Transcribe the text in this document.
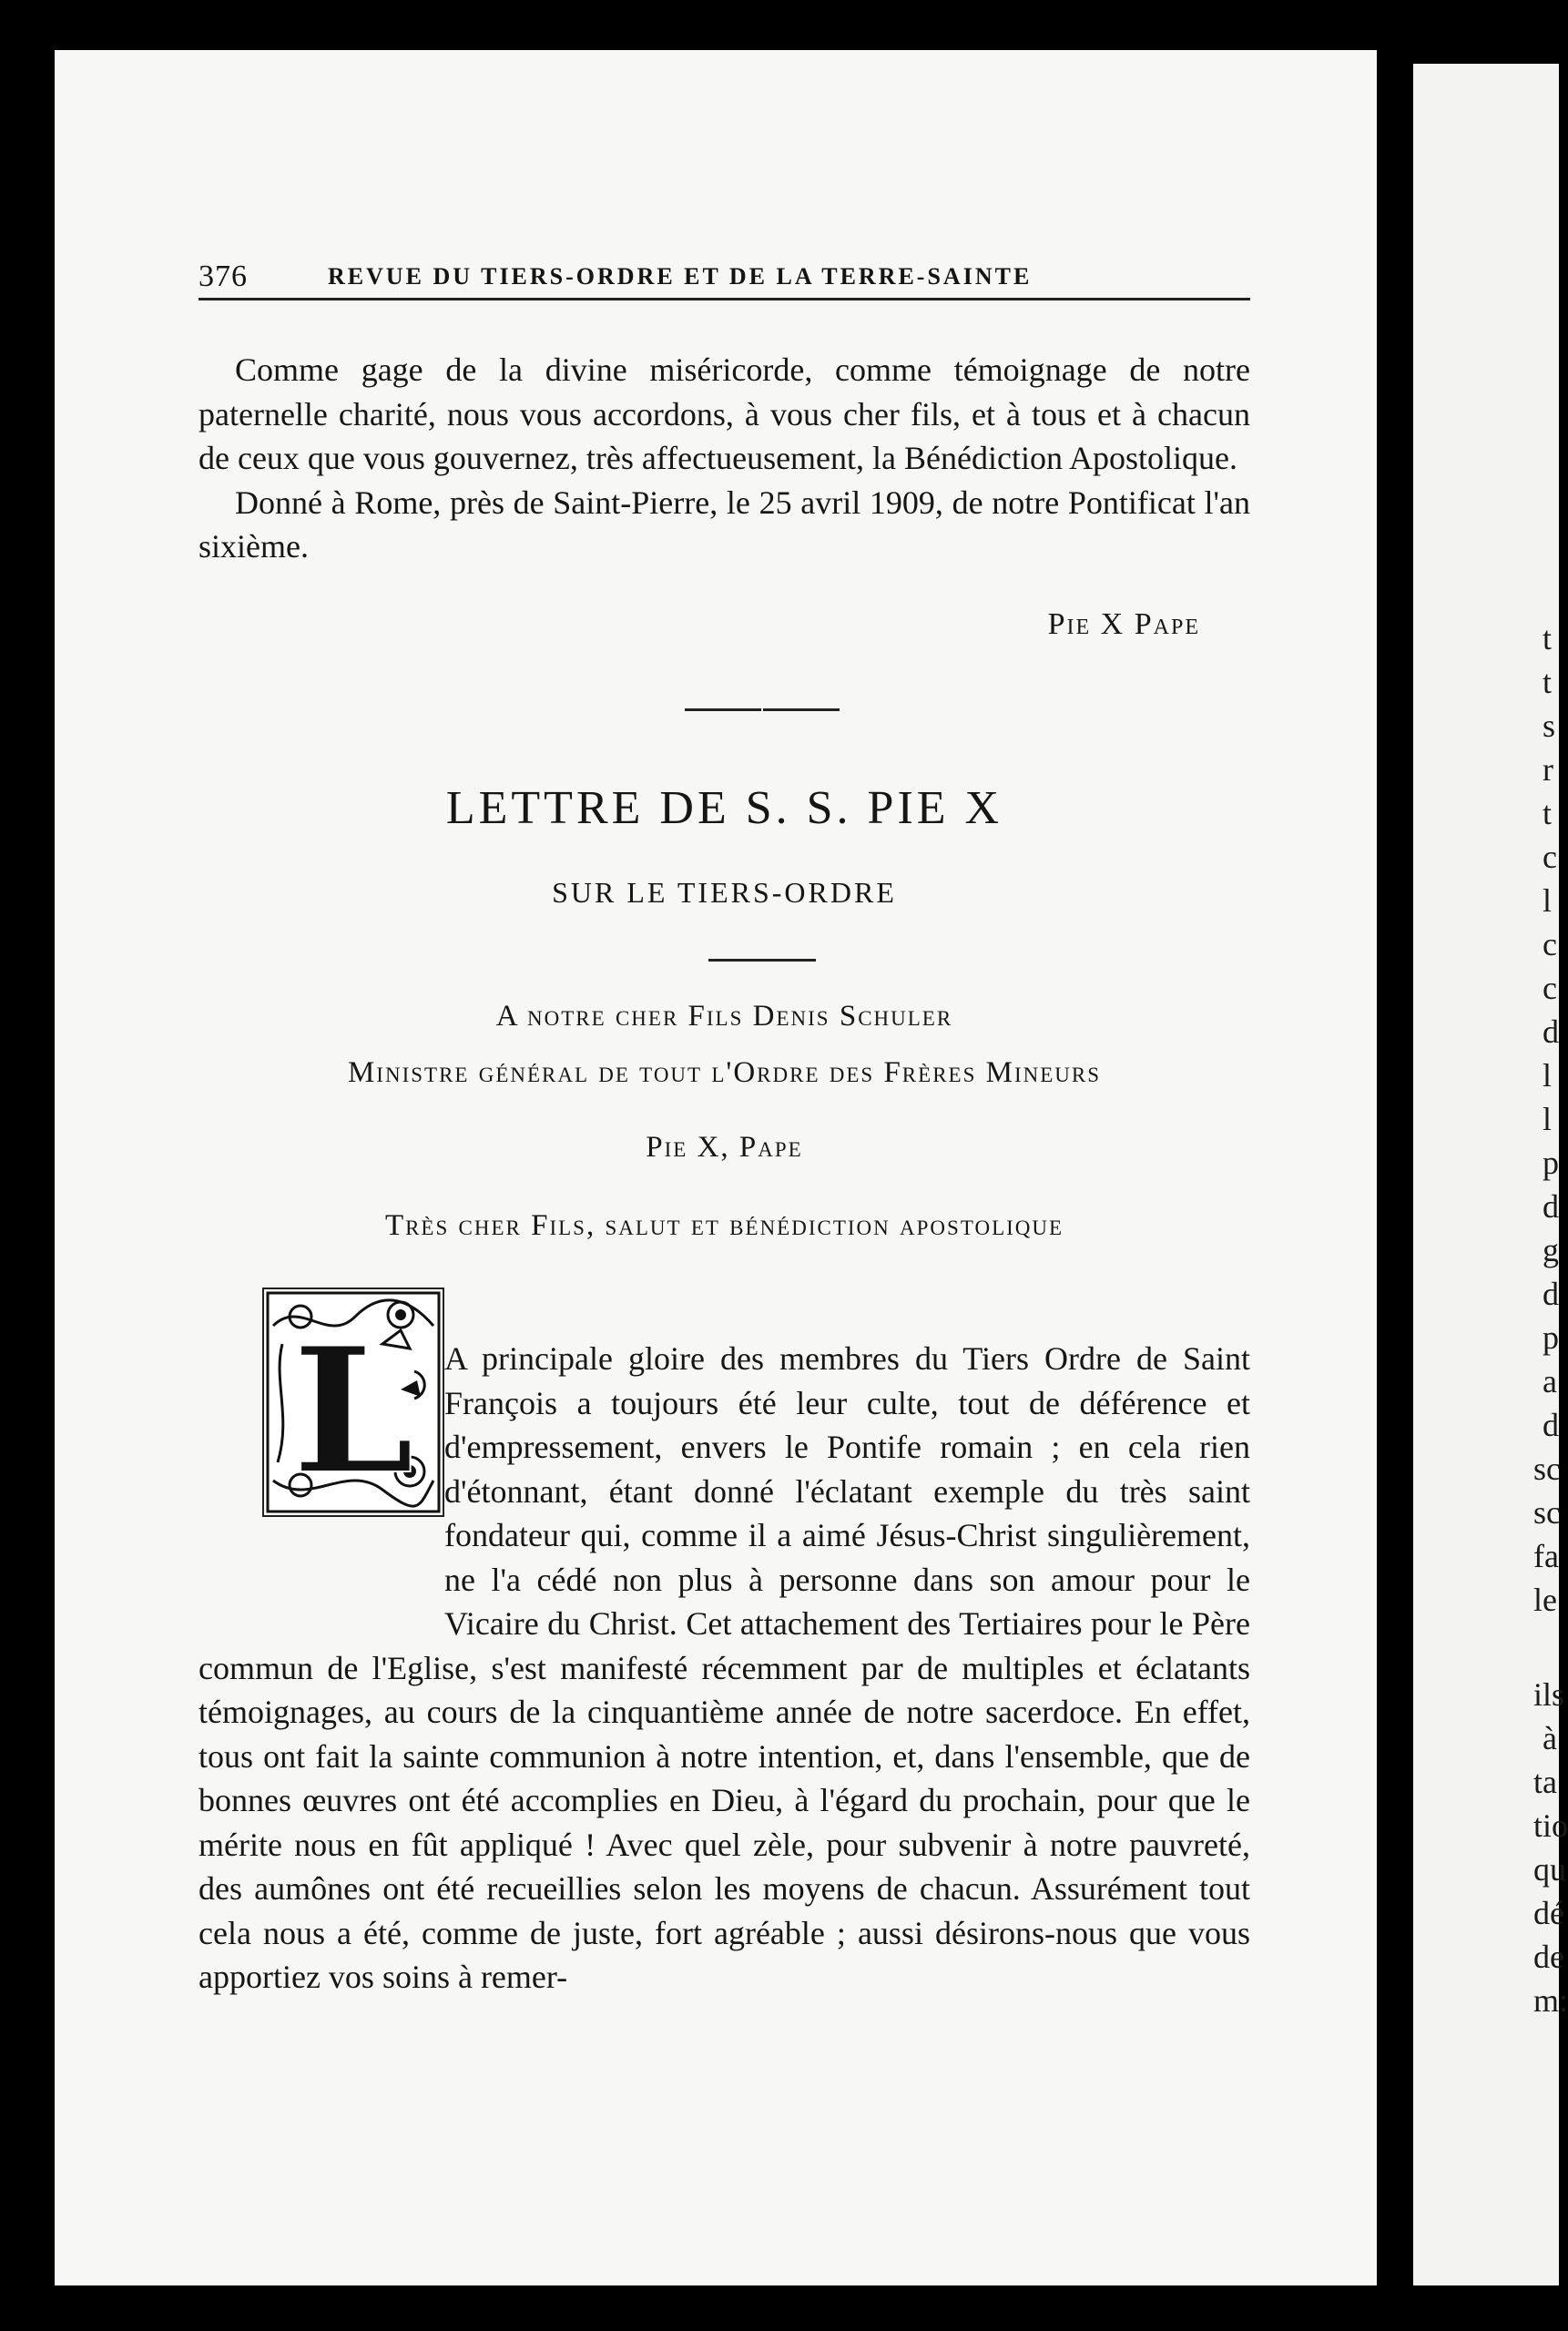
t
t
s
r
t
c
l
c
c
d
l
l
p
d
g
d
p
a
d
sc
sc
fa
le
ils
à
ta
tio
qu
dé
de
m:
376	REVUE DU TIERS-ORDRE ET DE LA TERRE-SAINTE

Comme gage de la divine miséricorde, comme témoignage de notre paternelle charité, nous vous accordons, à vous cher fils, et à tous et à chacun de ceux que vous gouvernez, très affectueusement, la Bénédiction Apostolique.

Donné à Rome, près de Saint-Pierre, le 25 avril 1909, de notre Pontificat l'an sixième.

Pie X Pape
LETTRE DE S. S. PIE X
SUR LE TIERS-ORDRE
A notre cher Fils Denis Schuler
Ministre général de tout l'Ordre des Frères Mineurs
Pie X, Pape
Très cher Fils, salut et bénédiction apostolique
L A principale gloire des membres du Tiers Ordre de Saint François a toujours été leur culte, tout de déférence et d'empressement, envers le Pontife romain ; en cela rien d'étonnant, étant donné l'éclatant exemple du très saint fondateur qui, comme il a aimé Jésus-Christ singulièrement, ne l'a cédé non plus à personne dans son amour pour le Vicaire du Christ. Cet attachement des Tertiaires pour le Père commun de l'Eglise, s'est manifesté récemment par de multiples et éclatants témoignages, au cours de la cinquantième année de notre sacerdoce. En effet, tous ont fait la sainte communion à notre intention, et, dans l'ensemble, que de bonnes œuvres ont été accomplies en Dieu, à l'égard du prochain, pour que le mérite nous en fût appliqué ! Avec quel zèle, pour subvenir à notre pauvreté, des aumônes ont été recueillies selon les moyens de chacun. Assurément tout cela nous a été, comme de juste, fort agréable ; aussi désirons-nous que vous apportiez vos soins à remer-
